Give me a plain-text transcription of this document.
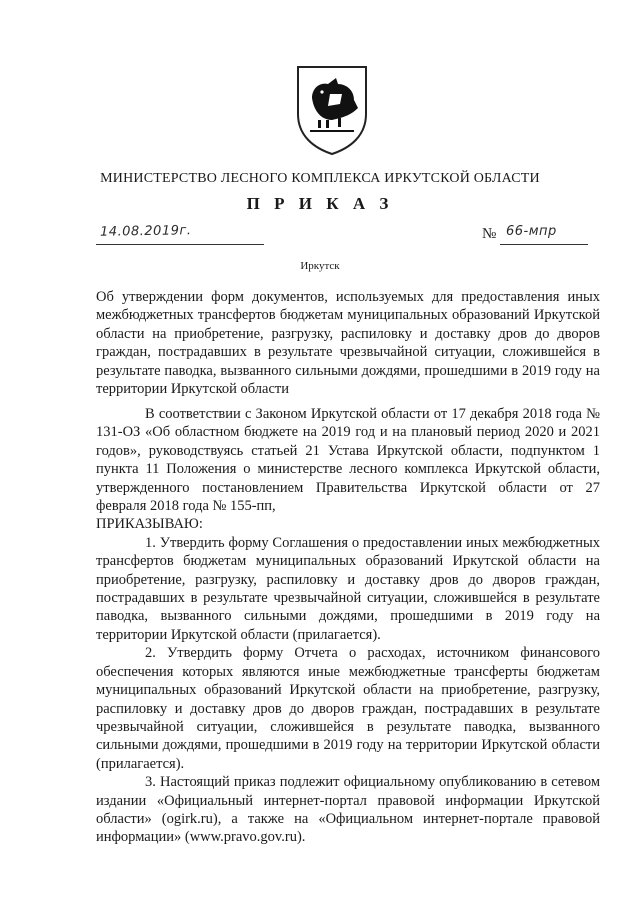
МИНИСТЕРСТВО ЛЕСНОГО КОМПЛЕКСА ИРКУТСКОЙ ОБЛАСТИ
П Р И К А З
14.08.2019г.	№ 66-мпр
Иркутск
Об утверждении форм документов, используемых для предоставления иных межбюджетных трансфертов бюджетам муниципальных образований Иркутской области на приобретение, разгрузку, распиловку и доставку дров до дворов граждан, пострадавших в результате чрезвычайной ситуации, сложившейся в результате паводка, вызванного сильными дождями, прошедшими в 2019 году на территории Иркутской области

В соответствии с Законом Иркутской области от 17 декабря 2018 года № 131-ОЗ «Об областном бюджете на 2019 год и на плановый период 2020 и 2021 годов», руководствуясь статьей 21 Устава Иркутской области, подпунктом 1 пункта 11 Положения о министерстве лесного комплекса Иркутской области, утвержденного постановлением Правительства Иркутской области от 27 февраля 2018 года № 155-пп,

ПРИКАЗЫВАЮ:

1. Утвердить форму Соглашения о предоставлении иных межбюджетных трансфертов бюджетам муниципальных образований Иркутской области на приобретение, разгрузку, распиловку и доставку дров до дворов граждан, пострадавших в результате чрезвычайной ситуации, сложившейся в результате паводка, вызванного сильными дождями, прошедшими в 2019 году на территории Иркутской области (прилагается).

2. Утвердить форму Отчета о расходах, источником финансового обеспечения которых являются иные межбюджетные трансферты бюджетам муниципальных образований Иркутской области на приобретение, разгрузку, распиловку и доставку дров до дворов граждан, пострадавших в результате чрезвычайной ситуации, сложившейся в результате паводка, вызванного сильными дождями, прошедшими в 2019 году на территории Иркутской области (прилагается).

3. Настоящий приказ подлежит официальному опубликованию в сетевом издании «Официальный интернет-портал правовой информации Иркутской области» (ogirk.ru), а также на «Официальном интернет-портале правовой информации» (www.pravo.gov.ru).
